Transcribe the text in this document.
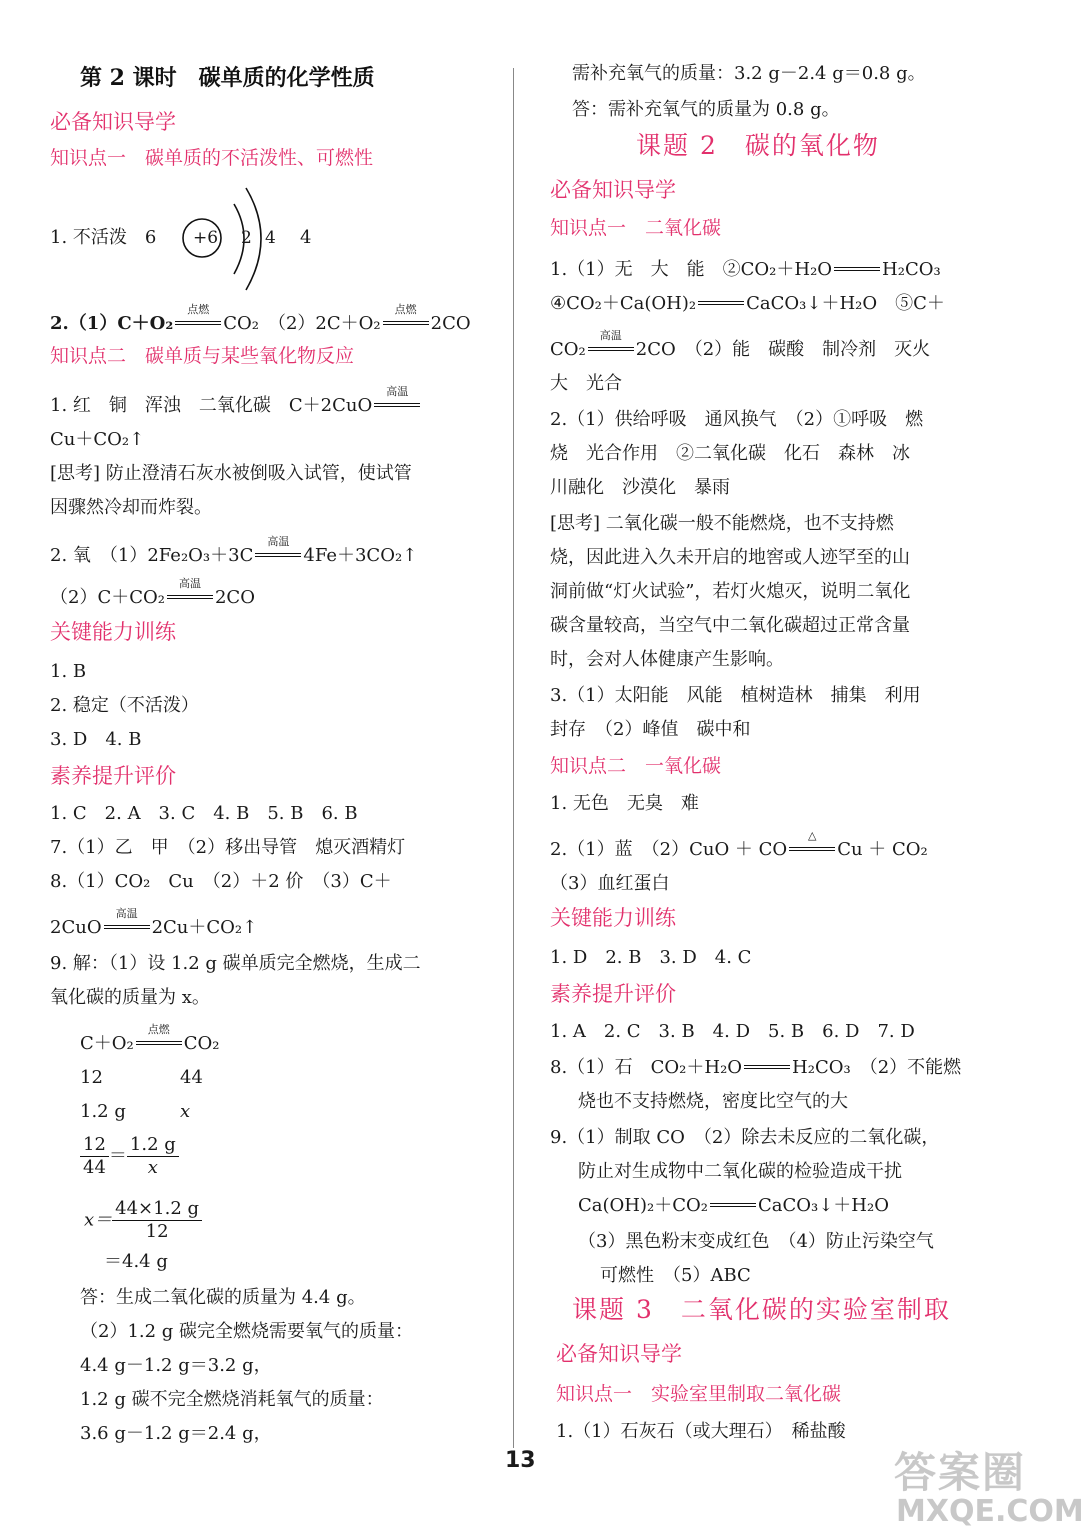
第 2 课时　碳单质的化学性质
必备知识导学
知识点一　碳单质的不活泼性、可燃性
1. 不活泼　6 +6 2 4 4
2.（1）C＋O₂
点燃
CO₂　（2）2C＋O₂
点燃
2CO
知识点二　碳单质与某些氧化物反应
1. 红　铜　浑浊　二氧化碳　C＋2CuO
高温
Cu＋CO₂↑
[思考] 防止澄清石灰水被倒吸入试管，使试管
因骤然冷却而炸裂。
2. 氧　（1）2Fe₂O₃＋3C
高温
4Fe＋3CO₂↑
（2）C＋CO₂
高温
2CO
关键能力训练
1. B
2. 稳定（不活泼）
3. D　4. B
素养提升评价
1. C　2. A　3. C　4. B　5. B　6. B
7.（1）乙　甲　（2）移出导管　熄灭酒精灯
8.（1）CO₂　Cu　（2）＋2 价　（3）C＋
2CuO
高温
2Cu＋CO₂↑
9. 解：（1）设 1.2 g 碳单质完全燃烧，生成二
氧化碳的质量为 x。
C＋O₂
点燃
CO₂
12	44
1.2 g	x
$\frac{12}{44} = \frac{1.2 g}{x}$
$x= \frac{44\times 1.2 g}{12}$
＝4.4 g
答：生成二氧化碳的质量为 4.4 g。
（2）1.2 g 碳完全燃烧需要氧气的质量：
4.4 g－1.2 g＝3.2 g，
1.2 g 碳不完全燃烧消耗氧气的质量：
3.6 g－1.2 g＝2.4 g，
需补充氧气的质量：3.2 g－2.4 g＝0.8 g。
答：需补充氧气的质量为 0.8 g。
课题 2　碳的氧化物
必备知识导学
知识点一　二氧化碳
1.（1）无　大　能　②CO₂＋H₂O	H₂CO₃
④CO₂＋Ca(OH)₂	CaCO₃↓＋H₂O　⑤C＋
CO₂
高温
2CO　（2）能　碳酸　制冷剂　灭火
大　光合
2.（1）供给呼吸　通风换气　（2）①呼吸　燃
烧　光合作用　②二氧化碳　化石　森林　冰
川融化　沙漠化　暴雨
[思考] 二氧化碳一般不能燃烧，也不支持燃
烧，因此进入久未开启的地窖或人迹罕至的山
洞前做“灯火试验”，若灯火熄灭，说明二氧化
碳含量较高，当空气中二氧化碳超过正常含量
时，会对人体健康产生影响。
3.（1）太阳能　风能　植树造林　捕集　利用
封存　（2）峰值　碳中和
知识点二　一氧化碳
1. 无色　无臭　难
2.（1）蓝　（2）CuO ＋ CO
△
Cu ＋ CO₂
（3）血红蛋白
关键能力训练
1. D　2. B　3. D　4. C
素养提升评价
1. A　2. C　3. B　4. D　5. B　6. D　7. D
8.（1）石　CO₂＋H₂O	H₂CO₃　（2）不能燃
烧也不支持燃烧，密度比空气的大
9.（1）制取 CO　（2）除去未反应的二氧化碳，
防止对生成物中二氧化碳的检验造成干扰
Ca(OH)₂＋CO₂	CaCO₃↓＋H₂O
（3）黑色粉末变成红色　（4）防止污染空气
可燃性　（5）ABC
课题 3　二氧化碳的实验室制取
必备知识导学
知识点一　实验室里制取二氧化碳
1.（1）石灰石（或大理石）　稀盐酸
13	答案圈
MXQE.COM
